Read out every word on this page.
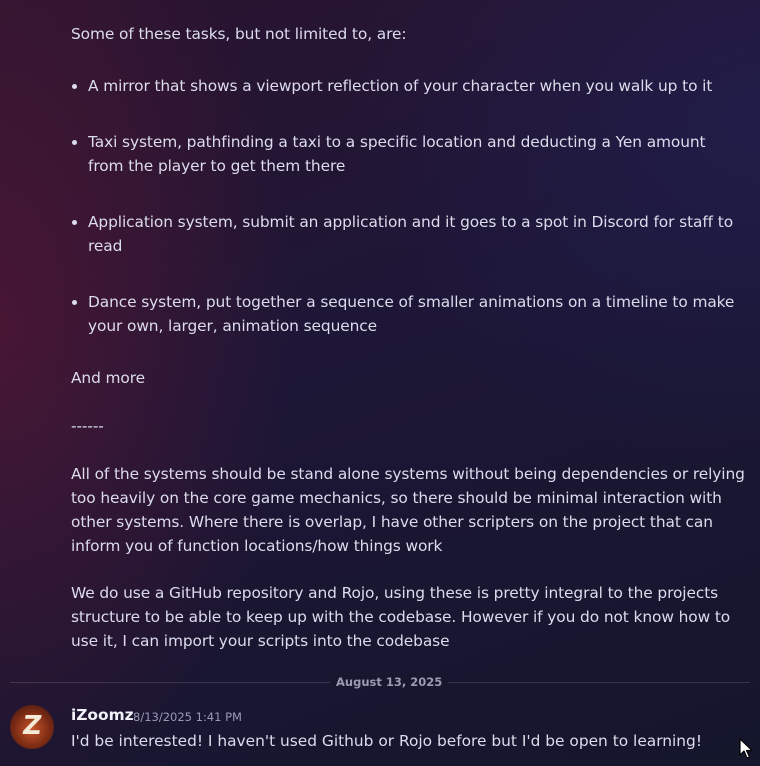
Some of these tasks, but not limited to, are:
A mirror that shows a viewport reflection of your character when you walk up to it
Taxi system, pathfinding a taxi to a specific location and deducting a Yen amount from the player to get them there
Application system, submit an application and it goes to a spot in Discord for staff to read
Dance system, put together a sequence of smaller animations on a timeline to make your own, larger, animation sequence
And more
------
All of the systems should be stand alone systems without being dependencies or relying too heavily on the core game mechanics, so there should be minimal interaction with other systems. Where there is overlap, I have other scripters on the project that can inform you of function locations/how things work
We do use a GitHub repository and Rojo, using these is pretty integral to the projects structure to be able to keep up with the codebase. However if you do not know how to use it, I can import your scripts into the codebase
August 13, 2025
Z	iZoomz 8/13/2025 1:41 PM
I'd be interested! I haven't used Github or Rojo before but I'd be open to learning!
